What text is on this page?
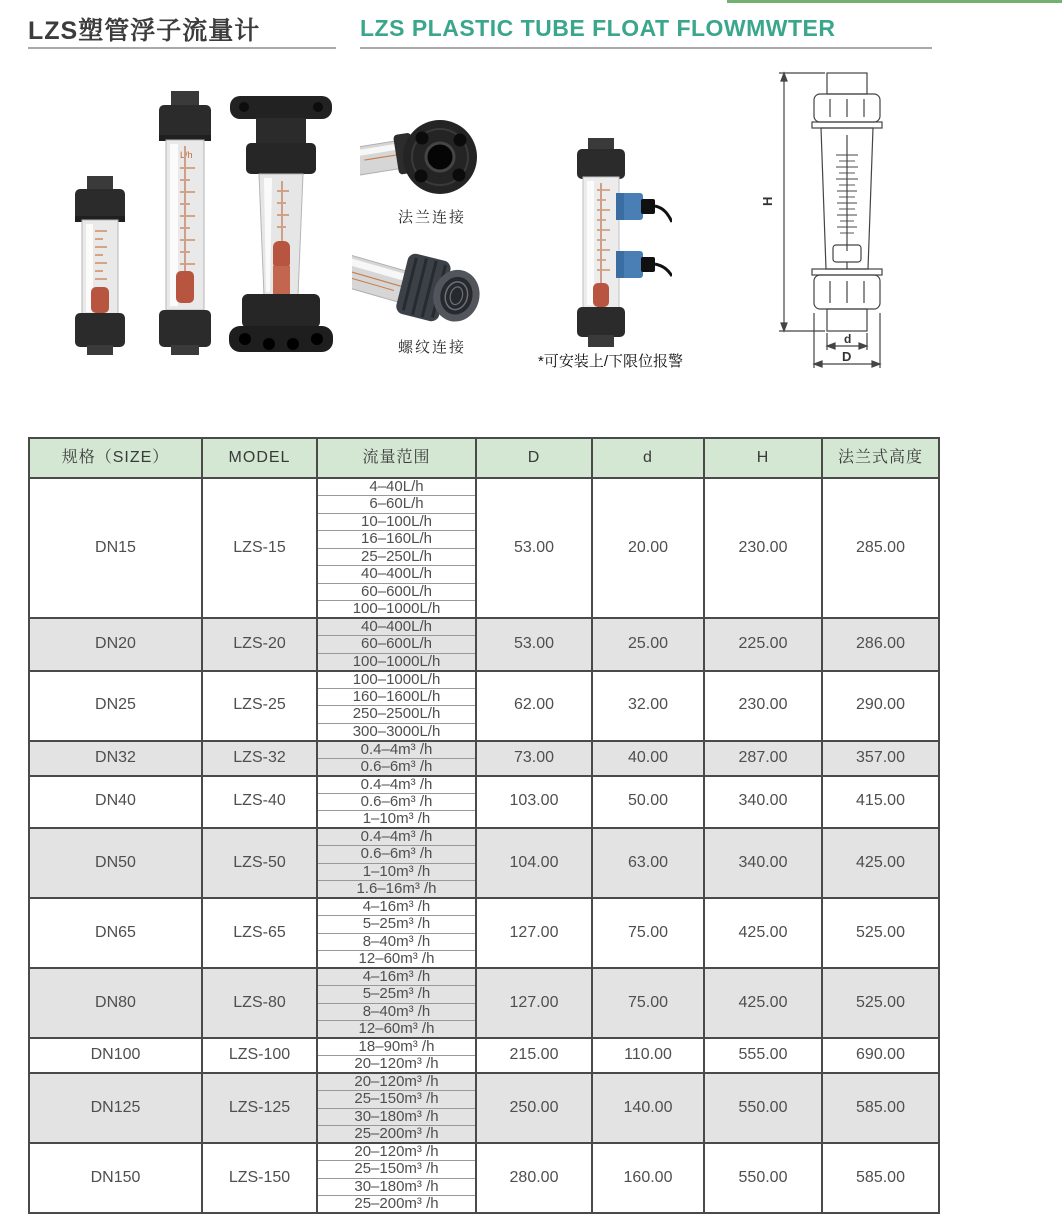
LZS塑管浮子流量计	LZS PLASTIC TUBE FLOAT FLOWMWTER
L/h
法兰连接
螺纹连接
*可安装上/下限位报警
H
d
D
规格（SIZE）	MODEL	流量范围	D	d	H	法兰式高度
DN15	LZS-15	4–40L/h	53.00	20.00	230.00	285.00
		6–60L/h				
		10–100L/h				
		16–160L/h				
		25–250L/h				
		40–400L/h				
		60–600L/h				
		100–1000L/h				
DN20	LZS-20	40–400L/h	53.00	25.00	225.00	286.00
		60–600L/h				
		100–1000L/h				
DN25	LZS-25	100–1000L/h	62.00	32.00	230.00	290.00
		160–1600L/h				
		250–2500L/h				
		300–3000L/h				
DN32	LZS-32	0.4–4m³ /h	73.00	40.00	287.00	357.00
		0.6–6m³ /h				
DN40	LZS-40	0.4–4m³ /h	103.00	50.00	340.00	415.00
		0.6–6m³ /h				
		1–10m³ /h				
DN50	LZS-50	0.4–4m³ /h	104.00	63.00	340.00	425.00
		0.6–6m³ /h				
		1–10m³ /h				
		1.6–16m³ /h				
DN65	LZS-65	4–16m³ /h	127.00	75.00	425.00	525.00
		5–25m³ /h				
		8–40m³ /h				
		12–60m³ /h				
DN80	LZS-80	4–16m³ /h	127.00	75.00	425.00	525.00
		5–25m³ /h				
		8–40m³ /h				
		12–60m³ /h				
DN100	LZS-100	18–90m³ /h	215.00	110.00	555.00	690.00
		20–120m³ /h				
DN125	LZS-125	20–120m³ /h	250.00	140.00	550.00	585.00
		25–150m³ /h				
		30–180m³ /h				
		25–200m³ /h				
DN150	LZS-150	20–120m³ /h	280.00	160.00	550.00	585.00
		25–150m³ /h				
		30–180m³ /h				
		25–200m³ /h				
